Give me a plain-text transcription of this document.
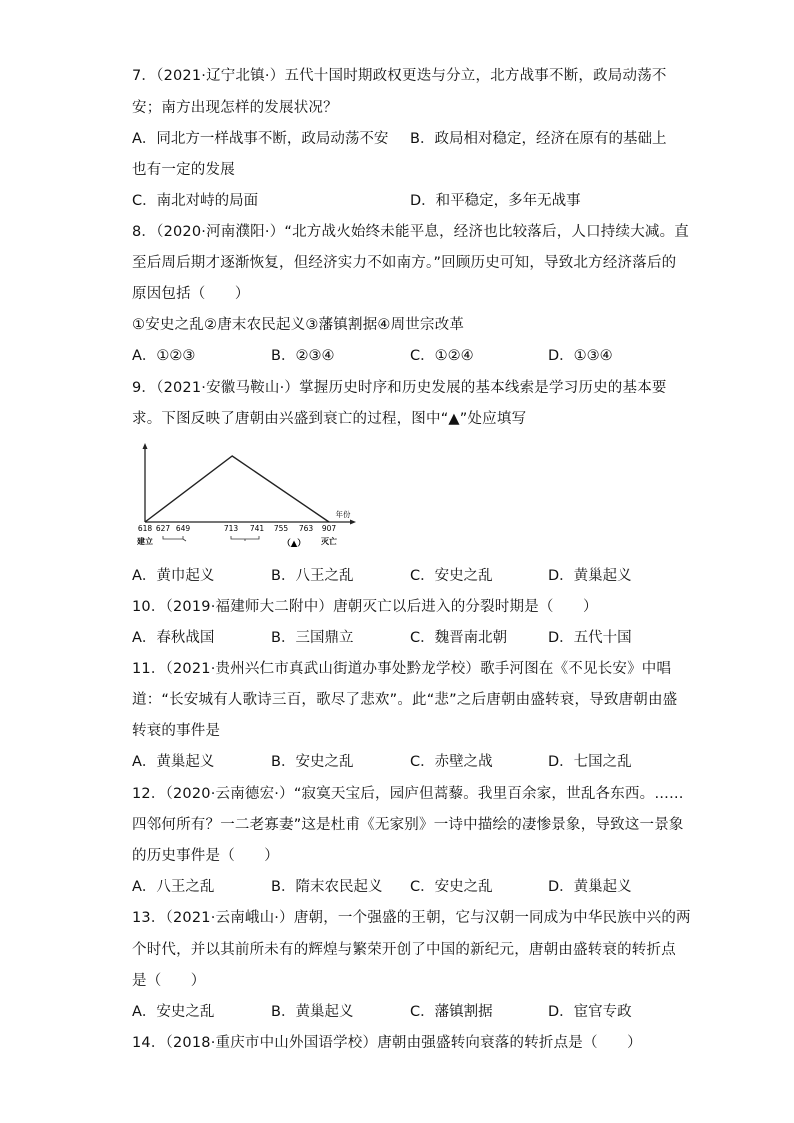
7．（2021·辽宁北镇·）五代十国时期政权更迭与分立，北方战事不断，政局动荡不
安；南方出现怎样的发展状况？
A．同北方一样战事不断，政局动荡不安 B．政局相对稳定，经济在原有的基础上
也有一定的发展
C．南北对峙的局面	D．和平稳定，多年无战事
8．（2020·河南濮阳·）“北方战火始终未能平息，经济也比较落后，人口持续大减。直
至后周后期才逐渐恢复，但经济实力不如南方。”回顾历史可知，导致北方经济落后的
原因包括（　　）
①安史之乱②唐末农民起义③藩镇割据④周世宗改革
A．①②③	B．②③④	C．①②④	D．①③④
9．（2021·安徽马鞍山·）掌握历史时序和历史发展的基本线索是学习历史的基本要
求。下图反映了唐朝由兴盛到衰亡的过程，图中“▲”处应填写
年份
618 627 649	713 741 755 763 907
建立	灭亡
（▲）
A．黄巾起义	B．八王之乱	C．安史之乱	D．黄巢起义
10．（2019·福建师大二附中）唐朝灭亡以后进入的分裂时期是（　　）
A．春秋战国	B．三国鼎立	C．魏晋南北朝	D．五代十国
11．（2021·贵州兴仁市真武山街道办事处黔龙学校）歌手河图在《不见长安》中唱
道：“长安城有人歌诗三百，歌尽了悲欢”。此“悲”之后唐朝由盛转衰，导致唐朝由盛
转衰的事件是
A．黄巢起义	B．安史之乱	C．赤壁之战	D．七国之乱
12．（2020·云南德宏·）“寂寞天宝后，园庐但蒿藜。我里百余家，世乱各东西。……
四邻何所有？一二老寡妻”这是杜甫《无家别》一诗中描绘的凄惨景象，导致这一景象
的历史事件是（　　）
A．八王之乱	B．隋末农民起义 C．安史之乱	D．黄巢起义
13．（2021·云南峨山·）唐朝，一个强盛的王朝，它与汉朝一同成为中华民族中兴的两
个时代，并以其前所未有的辉煌与繁荣开创了中国的新纪元，唐朝由盛转衰的转折点
是（　　）
A．安史之乱	B．黄巢起义	C．藩镇割据	D．宦官专政
14．（2018·重庆市中山外国语学校）唐朝由强盛转向衰落的转折点是（　　）
